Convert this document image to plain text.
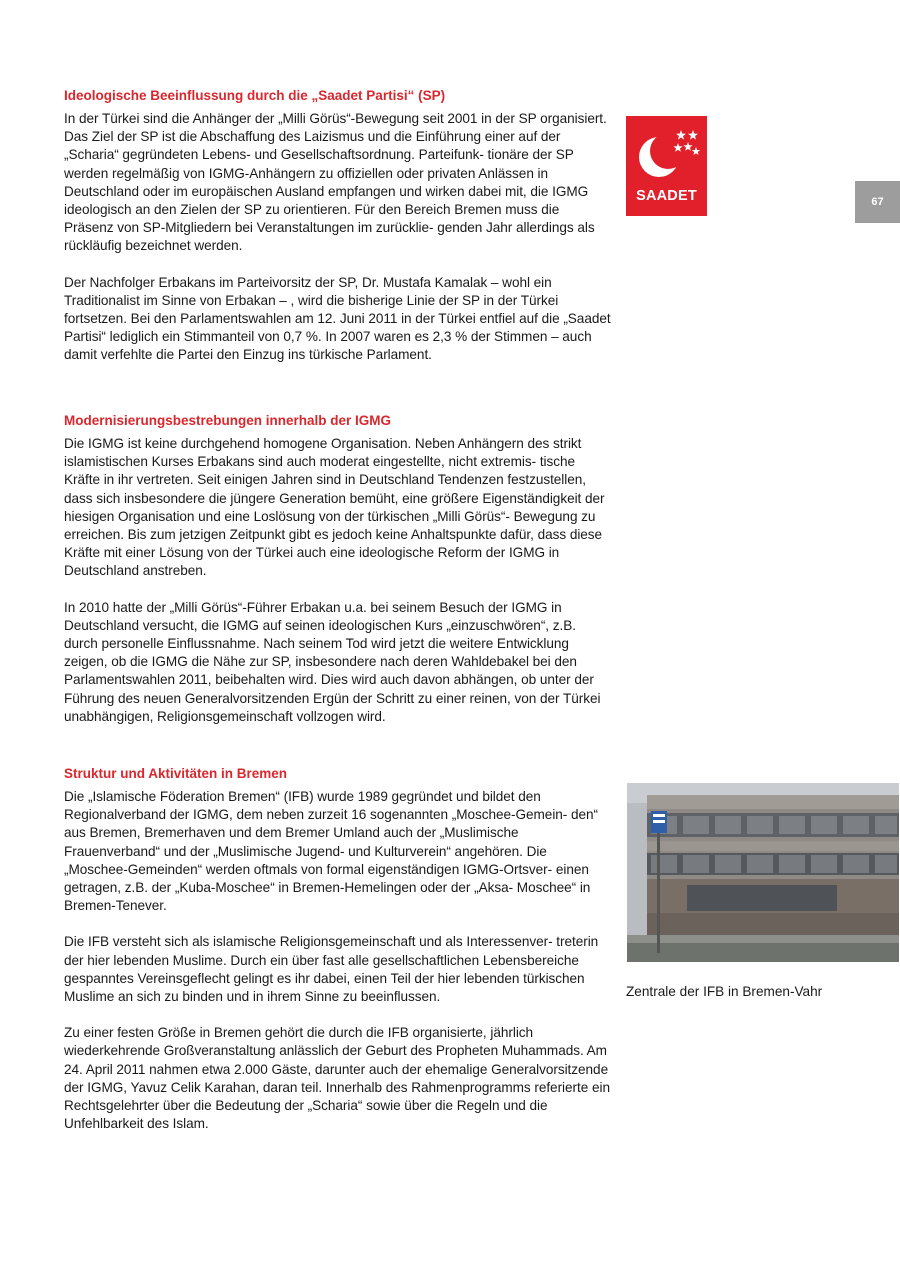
67
SAADET
Ideologische Beeinflussung durch die „Saadet Partisi“ (SP)

In der Türkei sind die Anhänger der „Milli Görüs“-Bewegung seit 2001 in der SP organisiert. Das Ziel der SP ist die Abschaffung des Laizismus und die Einführung einer auf der „Scharia“ gegründeten Lebens- und Gesellschaftsordnung. Parteifunk- tionäre der SP werden regelmäßig von IGMG-Anhängern zu offiziellen oder privaten Anlässen in Deutschland oder im europäischen Ausland empfangen und wirken dabei mit, die IGMG ideologisch an den Zielen der SP zu orientieren. Für den Bereich Bremen muss die Präsenz von SP-Mitgliedern bei Veranstaltungen im zurücklie- genden Jahr allerdings als rückläufig bezeichnet werden.

Der Nachfolger Erbakans im Parteivorsitz der SP, Dr. Mustafa Kamalak – wohl ein Traditionalist im Sinne von Erbakan – , wird die bisherige Linie der SP in der Türkei fortsetzen. Bei den Parlamentswahlen am 12. Juni 2011 in der Türkei entfiel auf die „Saadet Partisi“ lediglich ein Stimmanteil von 0,7 %. In 2007 waren es 2,3 % der Stimmen – auch damit verfehlte die Partei den Einzug ins türkische Parlament.

Modernisierungsbestrebungen innerhalb der IGMG

Die IGMG ist keine durchgehend homogene Organisation. Neben Anhängern des strikt islamistischen Kurses Erbakans sind auch moderat eingestellte, nicht extremis- tische Kräfte in ihr vertreten. Seit einigen Jahren sind in Deutschland Tendenzen festzustellen, dass sich insbesondere die jüngere Generation bemüht, eine größere Eigenständigkeit der hiesigen Organisation und eine Loslösung von der türkischen „Milli Görüs“- Bewegung zu erreichen. Bis zum jetzigen Zeitpunkt gibt es jedoch keine Anhaltspunkte dafür, dass diese Kräfte mit einer Lösung von der Türkei auch eine ideologische Reform der IGMG in Deutschland anstreben.

In 2010 hatte der „Milli Görüs“-Führer Erbakan u.a. bei seinem Besuch der IGMG in Deutschland versucht, die IGMG auf seinen ideologischen Kurs „einzuschwören“, z.B. durch personelle Einflussnahme. Nach seinem Tod wird jetzt die weitere Entwicklung zeigen, ob die IGMG die Nähe zur SP, insbesondere nach deren Wahldebakel bei den Parlamentswahlen 2011, beibehalten wird. Dies wird auch davon abhängen, ob unter der Führung des neuen Generalvorsitzenden Ergün der Schritt zu einer reinen, von der Türkei unabhängigen, Religionsgemeinschaft vollzogen wird.

Struktur und Aktivitäten in Bremen

Die „Islamische Föderation Bremen“ (IFB) wurde 1989 gegründet und bildet den Regionalverband der IGMG, dem neben zurzeit 16 sogenannten „Moschee-Gemein- den“ aus Bremen, Bremerhaven und dem Bremer Umland auch der „Muslimische Frauenverband“ und der „Muslimische Jugend- und Kulturverein“ angehören. Die „Moschee-Gemeinden“ werden oftmals von formal eigenständigen IGMG-Ortsver- einen getragen, z.B. der „Kuba-Moschee“ in Bremen-Hemelingen oder der „Aksa- Moschee“ in Bremen-Tenever.

Die IFB versteht sich als islamische Religionsgemeinschaft und als Interessenver- treterin der hier lebenden Muslime. Durch ein über fast alle gesellschaftlichen Lebensbereiche gespanntes Vereinsgeflecht gelingt es ihr dabei, einen Teil der hier lebenden türkischen Muslime an sich zu binden und in ihrem Sinne zu beeinflussen.

Zu einer festen Größe in Bremen gehört die durch die IFB organisierte, jährlich wiederkehrende Großveranstaltung anlässlich der Geburt des Propheten Muhammads. Am 24. April 2011 nahmen etwa 2.000 Gäste, darunter auch der ehemalige Generalvorsitzende der IGMG, Yavuz Celik Karahan, daran teil. Innerhalb des Rahmenprogramms referierte ein Rechtsgelehrter über die Bedeutung der „Scharia“ sowie über die Regeln und die Unfehlbarkeit des Islam.

Zentrale der IFB in Bremen-Vahr
